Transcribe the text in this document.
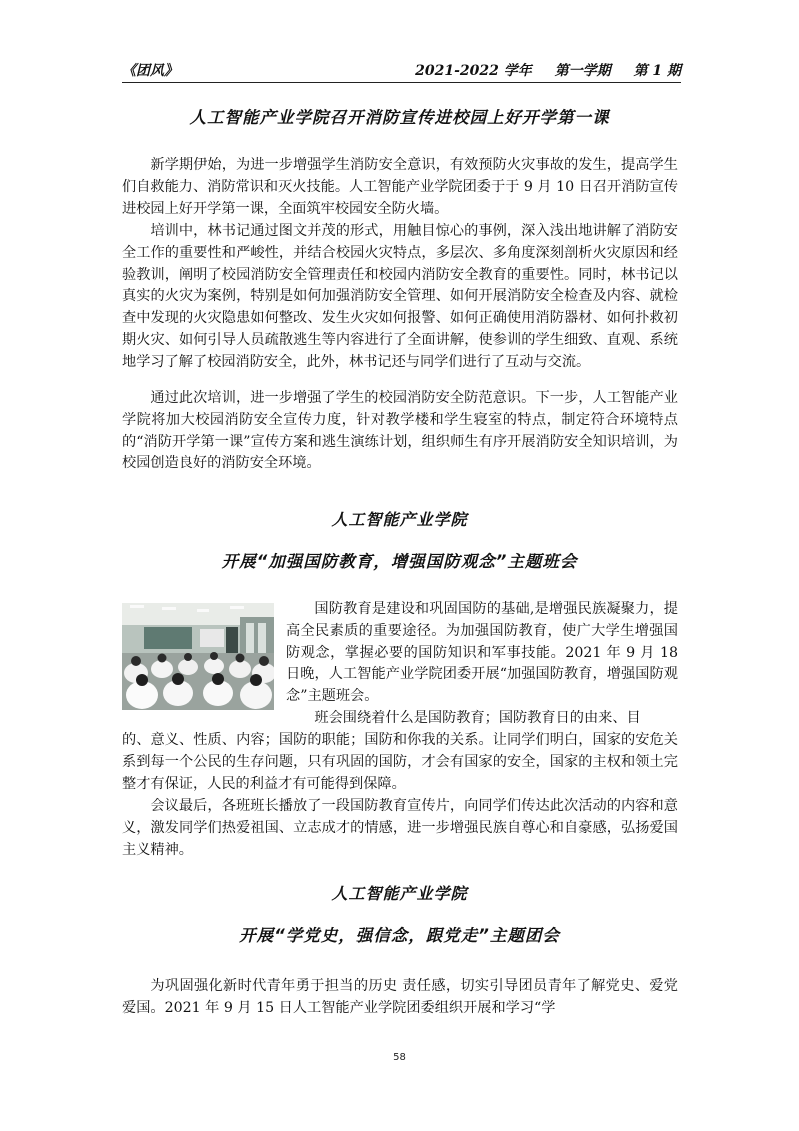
《团风》	2021-2022 学年 第一学期 第 1 期
人工智能产业学院召开消防宣传进校园上好开学第一课
新学期伊始，为进一步增强学生消防安全意识，有效预防火灾事故的发生，提高学生们自救能力、消防常识和灭火技能。人工智能产业学院团委于于 9 月 10 日召开消防宣传进校园上好开学第一课，全面筑牢校园安全防火墙。
培训中，林书记通过图文并茂的形式，用触目惊心的事例，深入浅出地讲解了消防安全工作的重要性和严峻性，并结合校园火灾特点，多层次、多角度深刻剖析火灾原因和经验教训，阐明了校园消防安全管理责任和校园内消防安全教育的重要性。同时，林书记以真实的火灾为案例，特别是如何加强消防安全管理、如何开展消防安全检查及内容、就检查中发现的火灾隐患如何整改、发生火灾如何报警、如何正确使用消防器材、如何扑救初期火灾、如何引导人员疏散逃生等内容进行了全面讲解，使参训的学生细致、直观、系统地学习了解了校园消防安全，此外，林书记还与同学们进行了互动与交流。
通过此次培训，进一步增强了学生的校园消防安全防范意识。下一步，人工智能产业学院将加大校园消防安全宣传力度，针对教学楼和学生寝室的特点，制定符合环境特点的“消防开学第一课”宣传方案和逃生演练计划，组织师生有序开展消防安全知识培训，为校园创造良好的消防安全环境。
人工智能产业学院
开展“加强国防教育，增强国防观念”主题班会
国防教育是建设和巩固国防的基础,是增强民族凝聚力，提高全民素质的重要途径。为加强国防教育，使广大学生增强国防观念，掌握必要的国防知识和军事技能。2021 年 9 月 18 日晚，人工智能产业学院团委开展“加强国防教育，增强国防观念”主题班会。
班会围绕着什么是国防教育；国防教育日的由来、目
的、意义、性质、内容；国防的职能；国防和你我的关系。让同学们明白，国家的安危关系到每一个公民的生存问题，只有巩固的国防，才会有国家的安全，国家的主权和领土完整才有保证，人民的利益才有可能得到保障。
会议最后，各班班长播放了一段国防教育宣传片，向同学们传达此次活动的内容和意义，激发同学们热爱祖国、立志成才的情感，进一步增强民族自尊心和自豪感，弘扬爱国主义精神。
人工智能产业学院
开展“学党史，强信念，跟党走”主题团会
为巩固强化新时代青年勇于担当的历史 责任感，切实引导团员青年了解党史、爱党爱国。2021 年 9 月 15 日人工智能产业学院团委组织开展和学习“学
58
